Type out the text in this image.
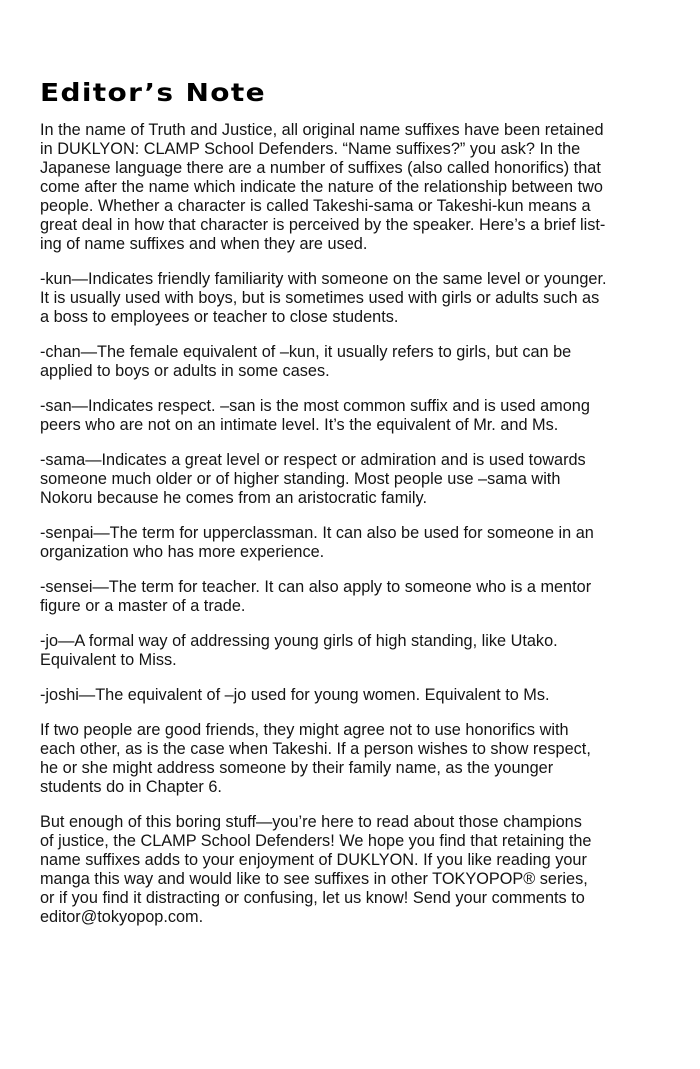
Editor’s Note

In the name of Truth and Justice, all original name suffixes have been retained
in DUKLYON: CLAMP School Defenders. “Name suffixes?” you ask? In the
Japanese language there are a number of suffixes (also called honorifics) that
come after the name which indicate the nature of the relationship between two
people. Whether a character is called Takeshi-sama or Takeshi-kun means a
great deal in how that character is perceived by the speaker. Here’s a brief list-
ing of name suffixes and when they are used.

-kun—Indicates friendly familiarity with someone on the same level or younger.
It is usually used with boys, but is sometimes used with girls or adults such as
a boss to employees or teacher to close students.

-chan—The female equivalent of –kun, it usually refers to girls, but can be
applied to boys or adults in some cases.

-san—Indicates respect. –san is the most common suffix and is used among
peers who are not on an intimate level. It’s the equivalent of Mr. and Ms.

-sama—Indicates a great level or respect or admiration and is used towards
someone much older or of higher standing. Most people use –sama with
Nokoru because he comes from an aristocratic family.

-senpai—The term for upperclassman. It can also be used for someone in an
organization who has more experience.

-sensei—The term for teacher. It can also apply to someone who is a mentor
figure or a master of a trade.

-jo—A formal way of addressing young girls of high standing, like Utako.
Equivalent to Miss.

-joshi—The equivalent of –jo used for young women. Equivalent to Ms.

If two people are good friends, they might agree not to use honorifics with
each other, as is the case when Takeshi. If a person wishes to show respect,
he or she might address someone by their family name, as the younger
students do in Chapter 6.

But enough of this boring stuff—you’re here to read about those champions
of justice, the CLAMP School Defenders! We hope you find that retaining the
name suffixes adds to your enjoyment of DUKLYON. If you like reading your
manga this way and would like to see suffixes in other TOKYOPOP® series,
or if you find it distracting or confusing, let us know! Send your comments to
editor@tokyopop.com.
